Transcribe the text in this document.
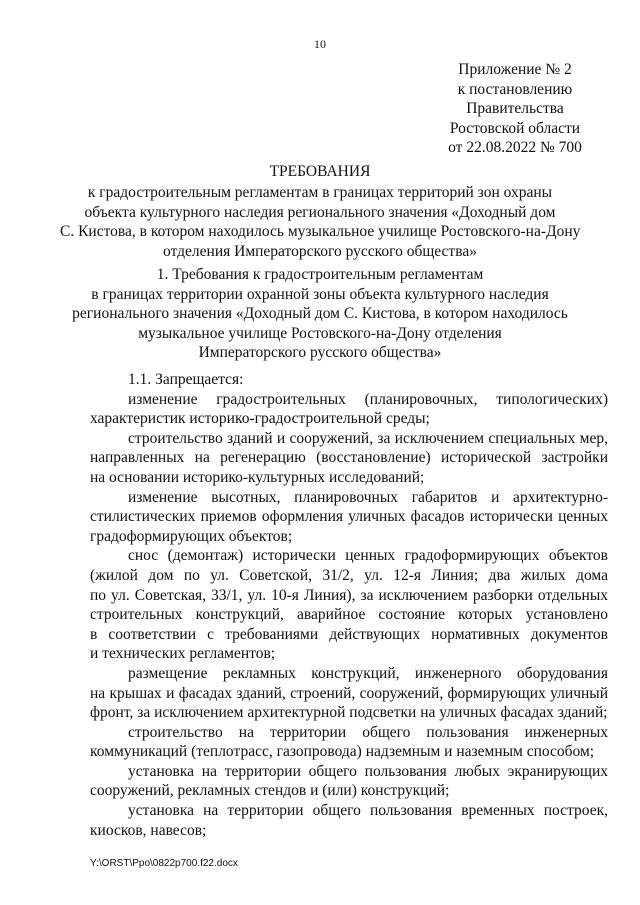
10
Приложение № 2
к постановлению
Правительства
Ростовской области
от 22.08.2022 № 700
ТРЕБОВАНИЯ
к градостроительным регламентам в границах территорий зон охраны
объекта культурного наследия регионального значения «Доходный дом
С. Кистова, в котором находилось музыкальное училище Ростовского-на-Дону
отделения Императорского русского общества»
1. Требования к градостроительным регламентам
в границах территории охранной зоны объекта культурного наследия
регионального значения «Доходный дом С. Кистова, в котором находилось
музыкальное училище Ростовского-на-Дону отделения
Императорского русского общества»
1.1. Запрещается:
изменение градостроительных (планировочных, типологических)
характеристик историко-градостроительной среды;
строительство зданий и сооружений, за исключением специальных мер,
направленных на регенерацию (восстановление) исторической застройки
на основании историко-культурных исследований;
изменение высотных, планировочных габаритов и архитектурно-
стилистических приемов оформления уличных фасадов исторически ценных
градоформирующих объектов;
снос (демонтаж) исторически ценных градоформирующих объектов
(жилой дом по ул. Советской, 31/2, ул. 12-я Линия; два жилых дома
по ул. Советская, 33/1, ул. 10-я Линия), за исключением разборки отдельных
строительных конструкций, аварийное состояние которых установлено
в соответствии с требованиями действующих нормативных документов
и технических регламентов;
размещение рекламных конструкций, инженерного оборудования
на крышах и фасадах зданий, строений, сооружений, формирующих уличный
фронт, за исключением архитектурной подсветки на уличных фасадах зданий;
строительство на территории общего пользования инженерных
коммуникаций (теплотрасс, газопровода) надземным и наземным способом;
установка на территории общего пользования любых экранирующих
сооружений, рекламных стендов и (или) конструкций;
установка на территории общего пользования временных построек,
киосков, навесов;
Y:\ORST\Ppo\0822p700.f22.docx
